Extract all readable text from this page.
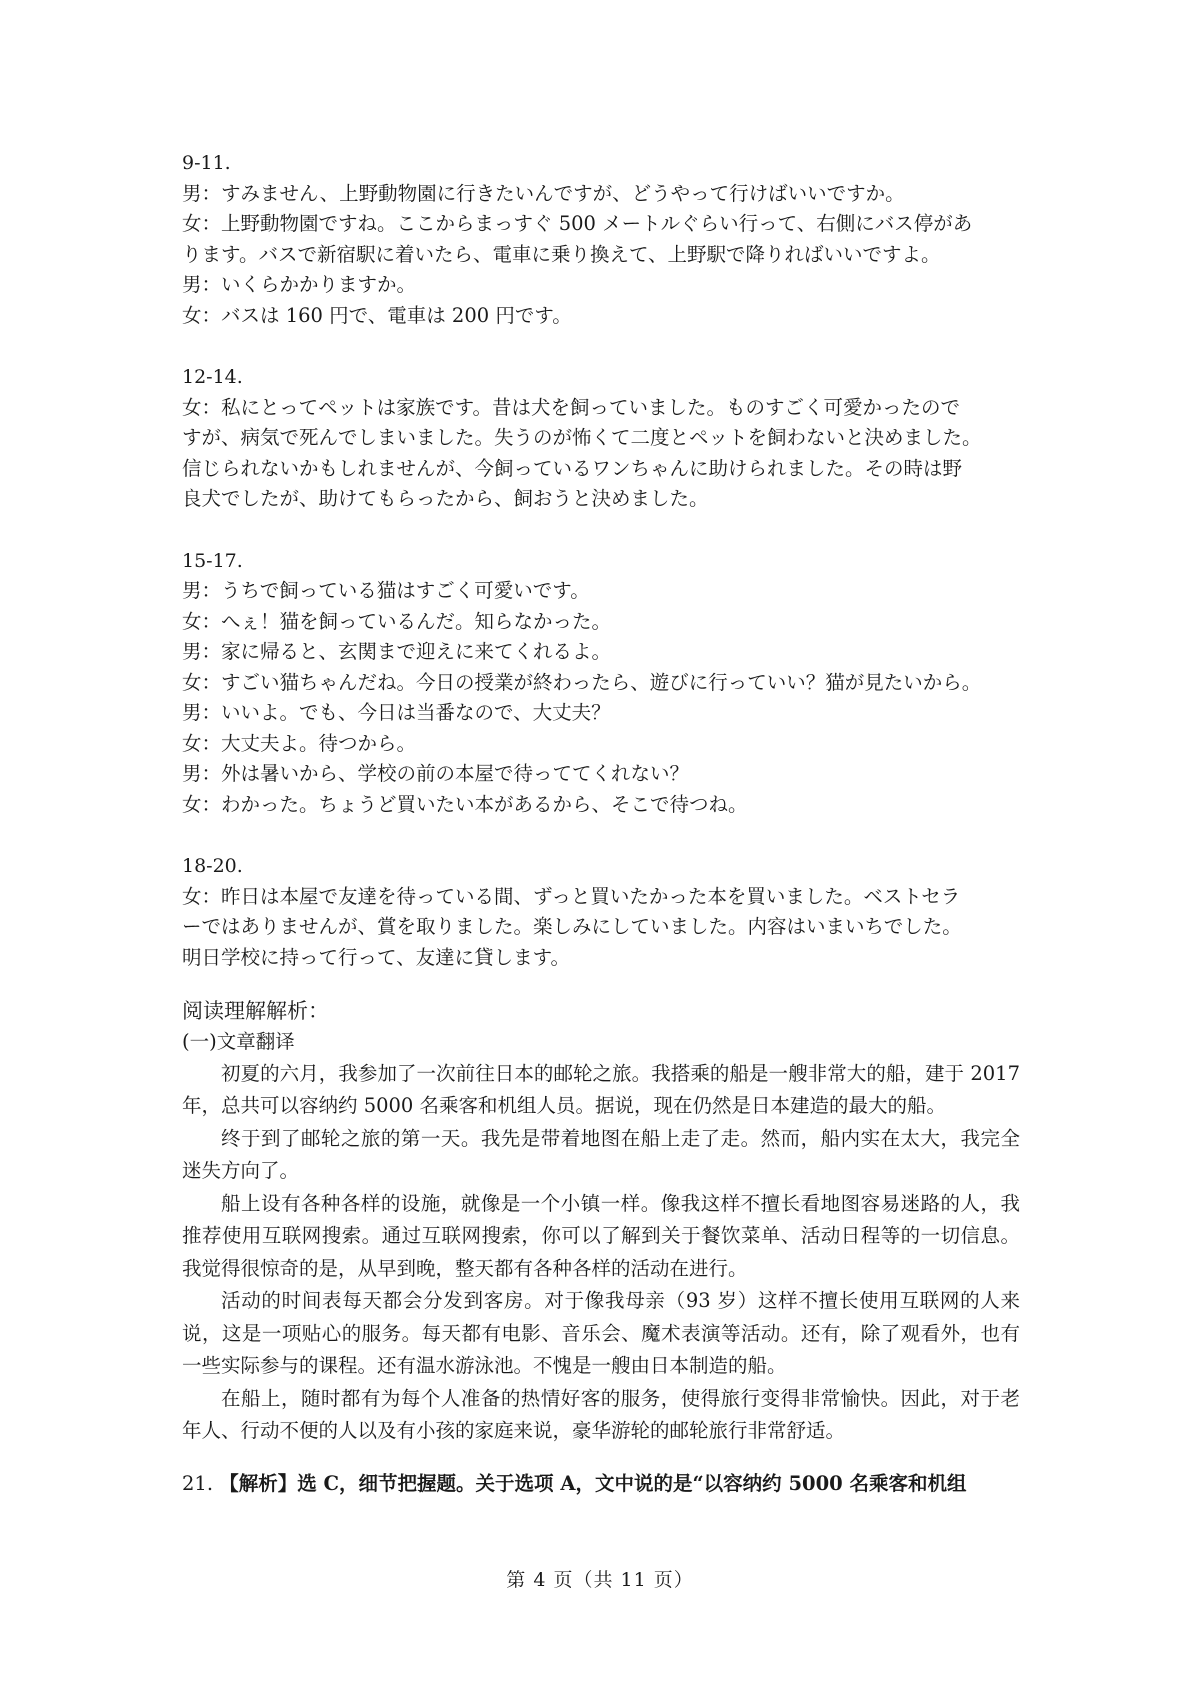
9-11.

男：すみません、上野動物園に行きたいんですが、どうやって行けばいいですか。

女：上野動物園ですね。ここからまっすぐ 500 メートルぐらい行って、右側にバス停があ

ります。バスで新宿駅に着いたら、電車に乗り換えて、上野駅で降りればいいですよ。

男：いくらかかりますか。

女：バスは 160 円で、電車は 200 円です。

12-14.

女：私にとってペットは家族です。昔は犬を飼っていました。ものすごく可愛かったので

すが、病気で死んでしまいました。失うのが怖くて二度とペットを飼わないと決めました。

信じられないかもしれませんが、今飼っているワンちゃんに助けられました。その時は野

良犬でしたが、助けてもらったから、飼おうと決めました。

15-17.

男：うちで飼っている猫はすごく可愛いです。

女：へぇ！猫を飼っているんだ。知らなかった。

男：家に帰ると、玄関まで迎えに来てくれるよ。

女：すごい猫ちゃんだね。今日の授業が終わったら、遊びに行っていい？猫が見たいから。

男：いいよ。でも、今日は当番なので、大丈夫？

女：大丈夫よ。待つから。

男：外は暑いから、学校の前の本屋で待っててくれない？

女：わかった。ちょうど買いたい本があるから、そこで待つね。

18-20.

女：昨日は本屋で友達を待っている間、ずっと買いたかった本を買いました。ベストセラ

ーではありませんが、賞を取りました。楽しみにしていました。内容はいまいちでした。

明日学校に持って行って、友達に貸します。

阅读理解解析：

(一)文章翻译

初夏的六月，我参加了一次前往日本的邮轮之旅。我搭乘的船是一艘非常大的船，建于 2017 年，总共可以容纳约 5000 名乘客和机组人员。据说，现在仍然是日本建造的最大的船。

终于到了邮轮之旅的第一天。我先是带着地图在船上走了走。然而，船内实在太大，我完全迷失方向了。

船上设有各种各样的设施，就像是一个小镇一样。像我这样不擅长看地图容易迷路的人，我推荐使用互联网搜索。通过互联网搜索，你可以了解到关于餐饮菜单、活动日程等的一切信息。我觉得很惊奇的是，从早到晚，整天都有各种各样的活动在进行。

活动的时间表每天都会分发到客房。对于像我母亲（93 岁）这样不擅长使用互联网的人来说，这是一项贴心的服务。每天都有电影、音乐会、魔术表演等活动。还有，除了观看外，也有一些实际参与的课程。还有温水游泳池。不愧是一艘由日本制造的船。

在船上，随时都有为每个人准备的热情好客的服务，使得旅行变得非常愉快。因此，对于老年人、行动不便的人以及有小孩的家庭来说，豪华游轮的邮轮旅行非常舒适。

21. 【解析】选 C，细节把握题。关于选项 A，文中说的是“以容纳约 5000 名乘客和机组

第 4 页（共 11 页）
